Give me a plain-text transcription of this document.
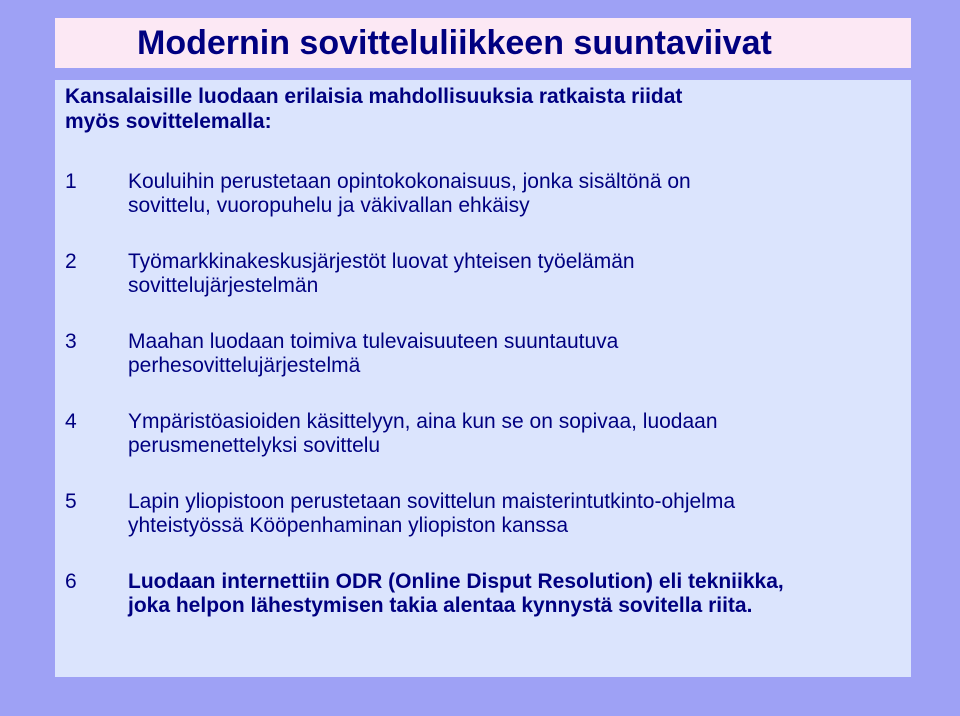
Modernin sovitteluliikkeen suuntaviivat

Kansalaisille luodaan erilaisia mahdollisuuksia ratkaista riidat
myös sovittelemalla:

1	Kouluihin perustetaan opintokokonaisuus, jonka sisältönä on
sovittelu, vuoropuhelu ja väkivallan ehkäisy
2	Työmarkkinakeskusjärjestöt luovat yhteisen työelämän
sovittelujärjestelmän
3	Maahan luodaan toimiva tulevaisuuteen suuntautuva
perhesovittelujärjestelmä
4	Ympäristöasioiden käsittelyyn, aina kun se on sopivaa, luodaan
perusmenettelyksi sovittelu
5	Lapin yliopistoon perustetaan sovittelun maisterintutkinto-ohjelma
yhteistyössä Kööpenhaminan yliopiston kanssa
6	Luodaan internettiin ODR (Online Disput Resolution) eli tekniikka,
joka helpon lähestymisen takia alentaa kynnystä sovitella riita.
